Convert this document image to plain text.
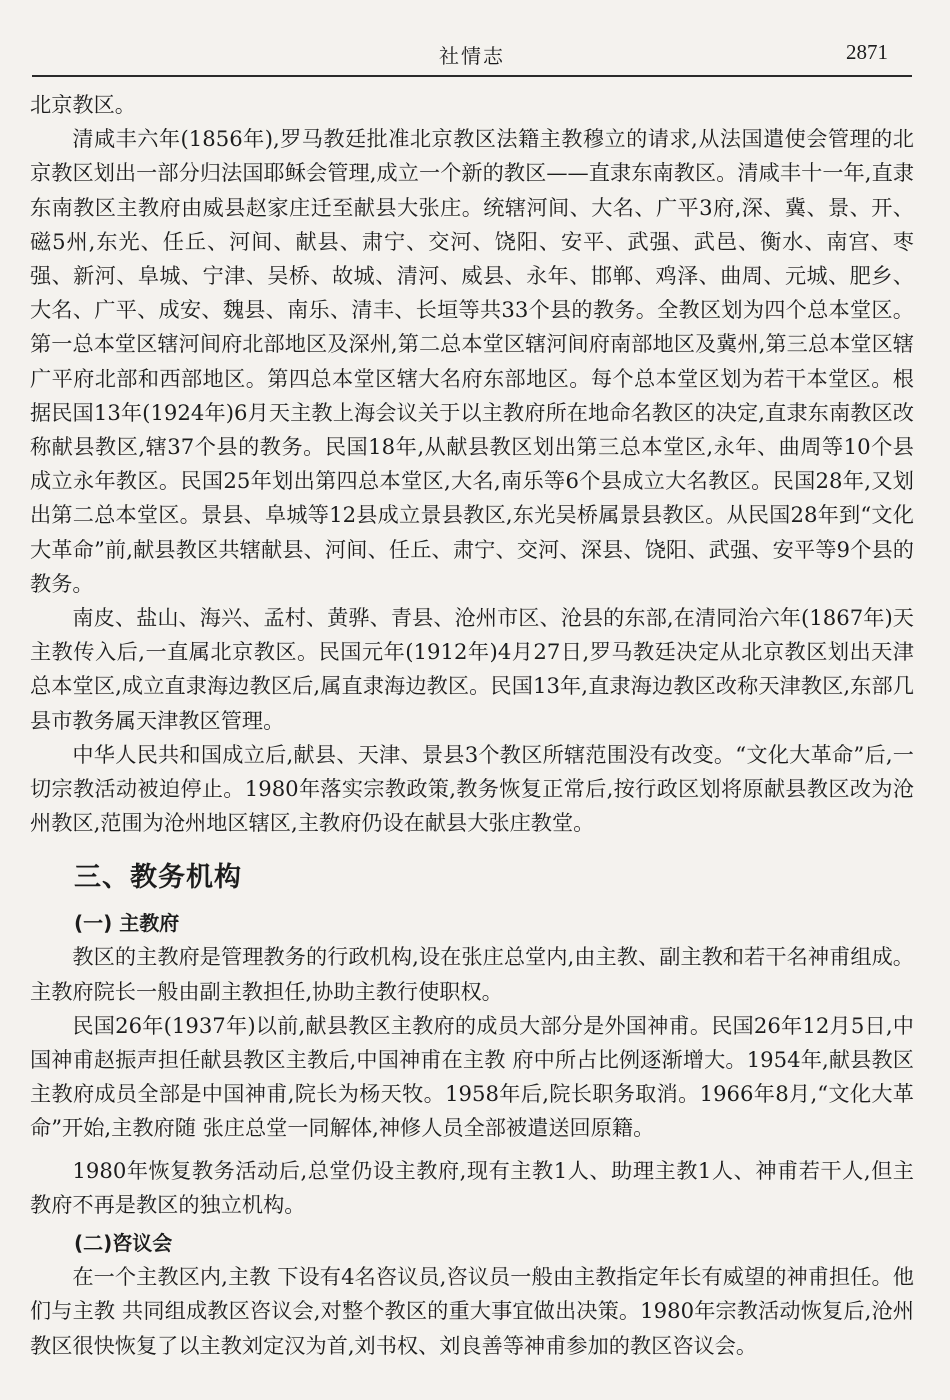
社情志	2871

北京教区。

清咸丰六年(1856年),罗马教廷批准北京教区法籍主教穆立的请求,从法国遣使会管理的北京教区划出一部分归法国耶稣会管理,成立一个新的教区——直隶东南教区。清咸丰十一年,直隶东南教区主教府由威县赵家庄迁至献县大张庄。统辖河间、大名、广平3府,深、冀、景、开、磁5州,东光、任丘、河间、献县、肃宁、交河、饶阳、安平、武强、武邑、衡水、南宫、枣强、新河、阜城、宁津、吴桥、故城、清河、威县、永年、邯郸、鸡泽、曲周、元城、肥乡、大名、广平、成安、魏县、南乐、清丰、长垣等共33个县的教务。全教区划为四个总本堂区。第一总本堂区辖河间府北部地区及深州,第二总本堂区辖河间府南部地区及冀州,第三总本堂区辖广平府北部和西部地区。第四总本堂区辖大名府东部地区。每个总本堂区划为若干本堂区。根据民国13年(1924年)6月天主教上海会议关于以主教府所在地命名教区的决定,直隶东南教区改称献县教区,辖37个县的教务。民国18年,从献县教区划出第三总本堂区,永年、曲周等10个县成立永年教区。民国25年划出第四总本堂区,大名,南乐等6个县成立大名教区。民国28年,又划出第二总本堂区。景县、阜城等12县成立景县教区,东光吴桥属景县教区。从民国28年到“文化大革命”前,献县教区共辖献县、河间、任丘、肃宁、交河、深县、饶阳、武强、安平等9个县的教务。

南皮、盐山、海兴、孟村、黄骅、青县、沧州市区、沧县的东部,在清同治六年(1867年)天主教传入后,一直属北京教区。民国元年(1912年)4月27日,罗马教廷决定从北京教区划出天津总本堂区,成立直隶海边教区后,属直隶海边教区。民国13年,直隶海边教区改称天津教区,东部几县市教务属天津教区管理。

中华人民共和国成立后,献县、天津、景县3个教区所辖范围没有改变。“文化大革命”后,一切宗教活动被迫停止。1980年落实宗教政策,教务恢复正常后,按行政区划将原献县教区改为沧州教区,范围为沧州地区辖区,主教府仍设在献县大张庄教堂。

三、教务机构
(一) 主教府

教区的主教府是管理教务的行政机构,设在张庄总堂内,由主教、副主教和若干名神甫组成。主教府院长一般由副主教担任,协助主教行使职权。

民国26年(1937年)以前,献县教区主教府的成员大部分是外国神甫。民国26年12月5日,中国神甫赵振声担任献县教区主教后,中国神甫在主教 府中所占比例逐渐增大。1954年,献县教区主教府成员全部是中国神甫,院长为杨天牧。1958年后,院长职务取消。1966年8月,“文化大革命”开始,主教府随 张庄总堂一同解体,神修人员全部被遣送回原籍。

1980年恢复教务活动后,总堂仍设主教府,现有主教1人、助理主教1人、神甫若干人,但主教府不再是教区的独立机构。

(二)咨议会

在一个主教区内,主教 下设有4名咨议员,咨议员一般由主教指定年长有威望的神甫担任。他们与主教 共同组成教区咨议会,对整个教区的重大事宜做出决策。1980年宗教活动恢复后,沧州教区很快恢复了以主教刘定汉为首,刘书权、刘良善等神甫参加的教区咨议会。
